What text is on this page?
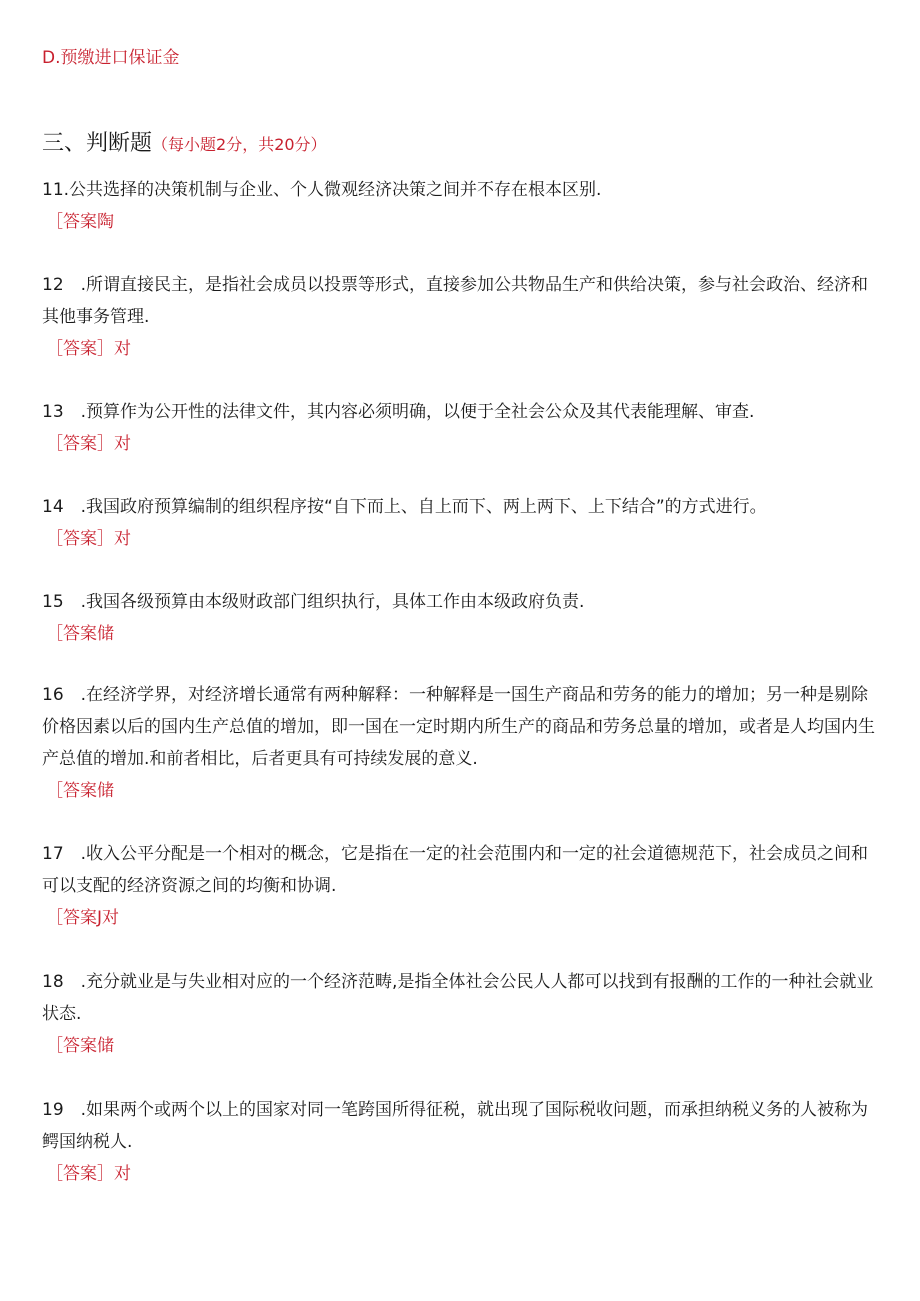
D.预缴进口保证金
三、判断题（每小题2分，共20分）
11.公共选择的决策机制与企业、个人微观经济决策之间并不存在根本区别.
［答案陶
12　.所谓直接民主，是指社会成员以投票等形式，直接参加公共物品生产和供给决策，参与社会政治、经济和其他事务管理.
［答案］对
13　.预算作为公开性的法律文件，其内容必须明确，以便于全社会公众及其代表能理解、审查.
［答案］对
14　.我国政府预算编制的组织程序按“自下而上、自上而下、两上两下、上下结合”的方式进行。
［答案］对
15　.我国各级预算由本级财政部门组织执行，具体工作由本级政府负责.
［答案储
16　.在经济学界，对经济增长通常有两种解释：一种解释是一国生产商品和劳务的能力的增加；另一种是剔除价格因素以后的国内生产总值的增加，即一国在一定时期内所生产的商品和劳务总量的增加，或者是人均国内生产总值的增加.和前者相比，后者更具有可持续发展的意义.
［答案储
17　.收入公平分配是一个相对的概念，它是指在一定的社会范围内和一定的社会道德规范下，社会成员之间和可以支配的经济资源之间的均衡和协调.
［答案J对
18　.充分就业是与失业相对应的一个经济范畴,是指全体社会公民人人都可以找到有报酬的工作的一种社会就业状态.
［答案储
19　.如果两个或两个以上的国家对同一笔跨国所得征税，就出现了国际税收问题，而承担纳税义务的人被称为鳄国纳税人.
［答案］对
